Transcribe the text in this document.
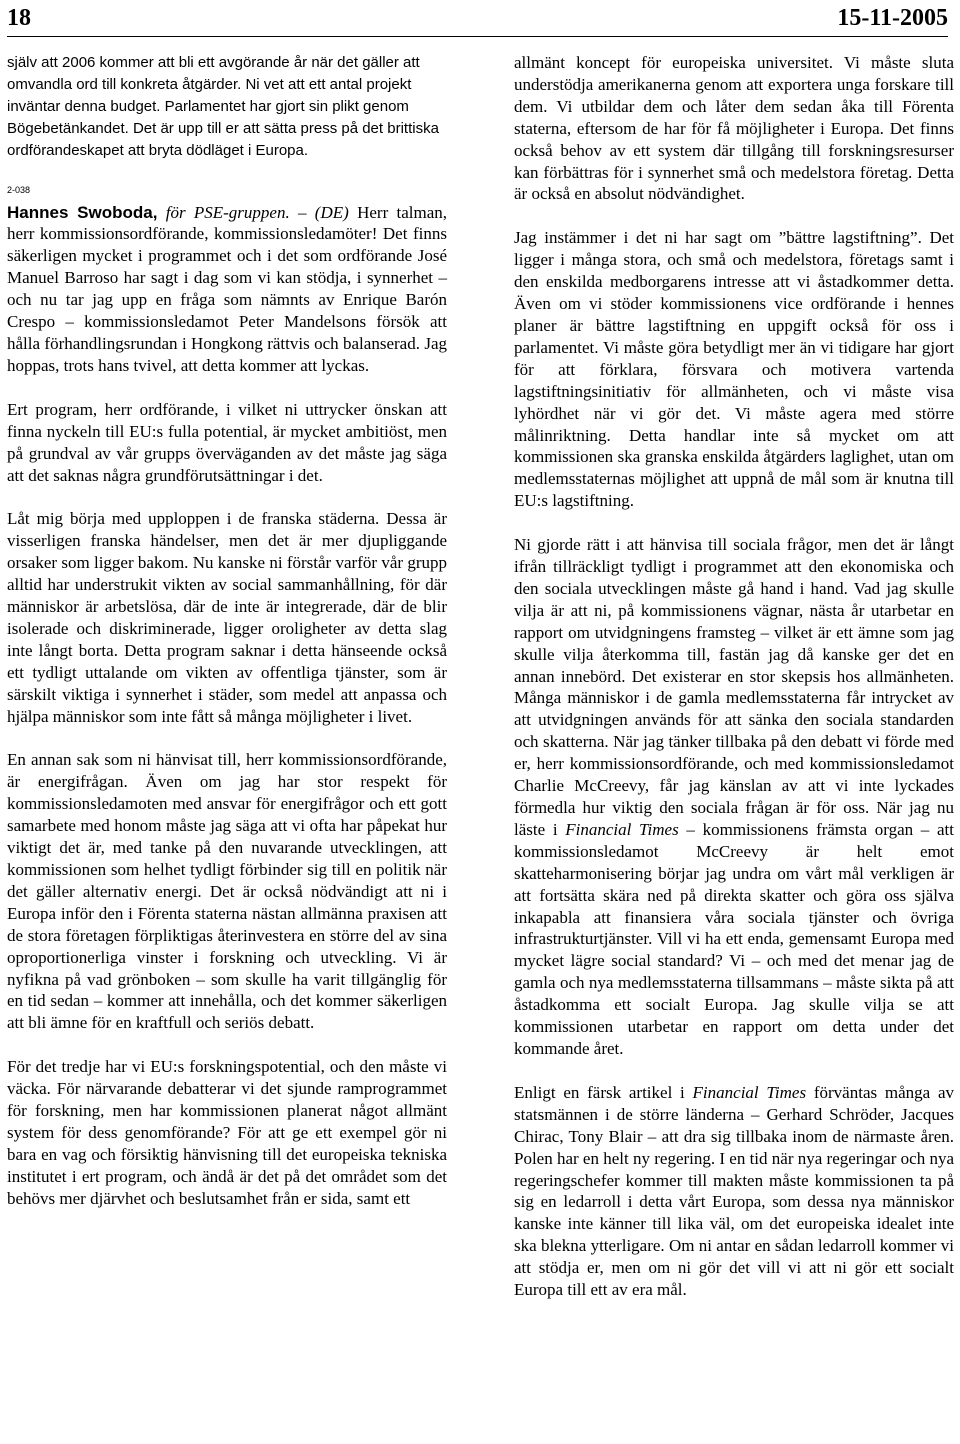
18	15-11-2005

själv att 2006 kommer att bli ett avgörande år när det gäller att omvandla ord till konkreta åtgärder. Ni vet att ett antal projekt inväntar denna budget. Parlamentet har gjort sin plikt genom Bögebetänkandet. Det är upp till er att sätta press på det brittiska ordförandeskapet att bryta dödläget i Europa.

2-038

Hannes Swoboda, för PSE-gruppen. – (DE) Herr talman, herr kommissionsordförande, kommissionsledamöter! Det finns säkerligen mycket i programmet och i det som ordförande José Manuel Barroso har sagt i dag som vi kan stödja, i synnerhet – och nu tar jag upp en fråga som nämnts av Enrique Barón Crespo – kommissionsledamot Peter Mandelsons försök att hålla förhandlingsrundan i Hongkong rättvis och balanserad. Jag hoppas, trots hans tvivel, att detta kommer att lyckas.

Ert program, herr ordförande, i vilket ni uttrycker önskan att finna nyckeln till EU:s fulla potential, är mycket ambitiöst, men på grundval av vår grupps överväganden av det måste jag säga att det saknas några grundförutsättningar i det.

Låt mig börja med upploppen i de franska städerna. Dessa är visserligen franska händelser, men det är mer djupliggande orsaker som ligger bakom. Nu kanske ni förstår varför vår grupp alltid har understrukit vikten av social sammanhållning, för där människor är arbetslösa, där de inte är integrerade, där de blir isolerade och diskriminerade, ligger oroligheter av detta slag inte långt borta. Detta program saknar i detta hänseende också ett tydligt uttalande om vikten av offentliga tjänster, som är särskilt viktiga i synnerhet i städer, som medel att anpassa och hjälpa människor som inte fått så många möjligheter i livet.

En annan sak som ni hänvisat till, herr kommissionsordförande, är energifrågan. Även om jag har stor respekt för kommissionsledamoten med ansvar för energifrågor och ett gott samarbete med honom måste jag säga att vi ofta har påpekat hur viktigt det är, med tanke på den nuvarande utvecklingen, att kommissionen som helhet tydligt förbinder sig till en politik när det gäller alternativ energi. Det är också nödvändigt att ni i Europa inför den i Förenta staterna nästan allmänna praxisen att de stora företagen förpliktigas återinvestera en större del av sina oproportionerliga vinster i forskning och utveckling. Vi är nyfikna på vad grönboken – som skulle ha varit tillgänglig för en tid sedan – kommer att innehålla, och det kommer säkerligen att bli ämne för en kraftfull och seriös debatt.

För det tredje har vi EU:s forskningspotential, och den måste vi väcka. För närvarande debatterar vi det sjunde ramprogrammet för forskning, men har kommissionen planerat något allmänt system för dess genomförande? För att ge ett exempel gör ni bara en vag och försiktig hänvisning till det europeiska tekniska institutet i ert program, och ändå är det på det området som det behövs mer djärvhet och beslutsamhet från er sida, samt ett

allmänt koncept för europeiska universitet. Vi måste sluta understödja amerikanerna genom att exportera unga forskare till dem. Vi utbildar dem och låter dem sedan åka till Förenta staterna, eftersom de har för få möjligheter i Europa. Det finns också behov av ett system där tillgång till forskningsresurser kan förbättras för i synnerhet små och medelstora företag. Detta är också en absolut nödvändighet.

Jag instämmer i det ni har sagt om ”bättre lagstiftning”. Det ligger i många stora, och små och medelstora, företags samt i den enskilda medborgarens intresse att vi åstadkommer detta. Även om vi stöder kommissionens vice ordförande i hennes planer är bättre lagstiftning en uppgift också för oss i parlamentet. Vi måste göra betydligt mer än vi tidigare har gjort för att förklara, försvara och motivera vartenda lagstiftningsinitiativ för allmänheten, och vi måste visa lyhördhet när vi gör det. Vi måste agera med större målinriktning. Detta handlar inte så mycket om att kommissionen ska granska enskilda åtgärders laglighet, utan om medlemsstaternas möjlighet att uppnå de mål som är knutna till EU:s lagstiftning.

Ni gjorde rätt i att hänvisa till sociala frågor, men det är långt ifrån tillräckligt tydligt i programmet att den ekonomiska och den sociala utvecklingen måste gå hand i hand. Vad jag skulle vilja är att ni, på kommissionens vägnar, nästa år utarbetar en rapport om utvidgningens framsteg – vilket är ett ämne som jag skulle vilja återkomma till, fastän jag då kanske ger det en annan innebörd. Det existerar en stor skepsis hos allmänheten. Många människor i de gamla medlemsstaterna får intrycket av att utvidgningen används för att sänka den sociala standarden och skatterna. När jag tänker tillbaka på den debatt vi förde med er, herr kommissionsordförande, och med kommissionsledamot Charlie McCreevy, får jag känslan av att vi inte lyckades förmedla hur viktig den sociala frågan är för oss. När jag nu läste i Financial Times – kommissionens främsta organ – att kommissionsledamot McCreevy är helt emot skatteharmonisering börjar jag undra om vårt mål verkligen är att fortsätta skära ned på direkta skatter och göra oss själva inkapabla att finansiera våra sociala tjänster och övriga infrastrukturtjänster. Vill vi ha ett enda, gemensamt Europa med mycket lägre social standard? Vi – och med det menar jag de gamla och nya medlemsstaterna tillsammans – måste sikta på att åstadkomma ett socialt Europa. Jag skulle vilja se att kommissionen utarbetar en rapport om detta under det kommande året.

Enligt en färsk artikel i Financial Times förväntas många av statsmännen i de större länderna – Gerhard Schröder, Jacques Chirac, Tony Blair – att dra sig tillbaka inom de närmaste åren. Polen har en helt ny regering. I en tid när nya regeringar och nya regeringschefer kommer till makten måste kommissionen ta på sig en ledarroll i detta vårt Europa, som dessa nya människor kanske inte känner till lika väl, om det europeiska idealet inte ska blekna ytterligare. Om ni antar en sådan ledarroll kommer vi att stödja er, men om ni gör det vill vi att ni gör ett socialt Europa till ett av era mål.
